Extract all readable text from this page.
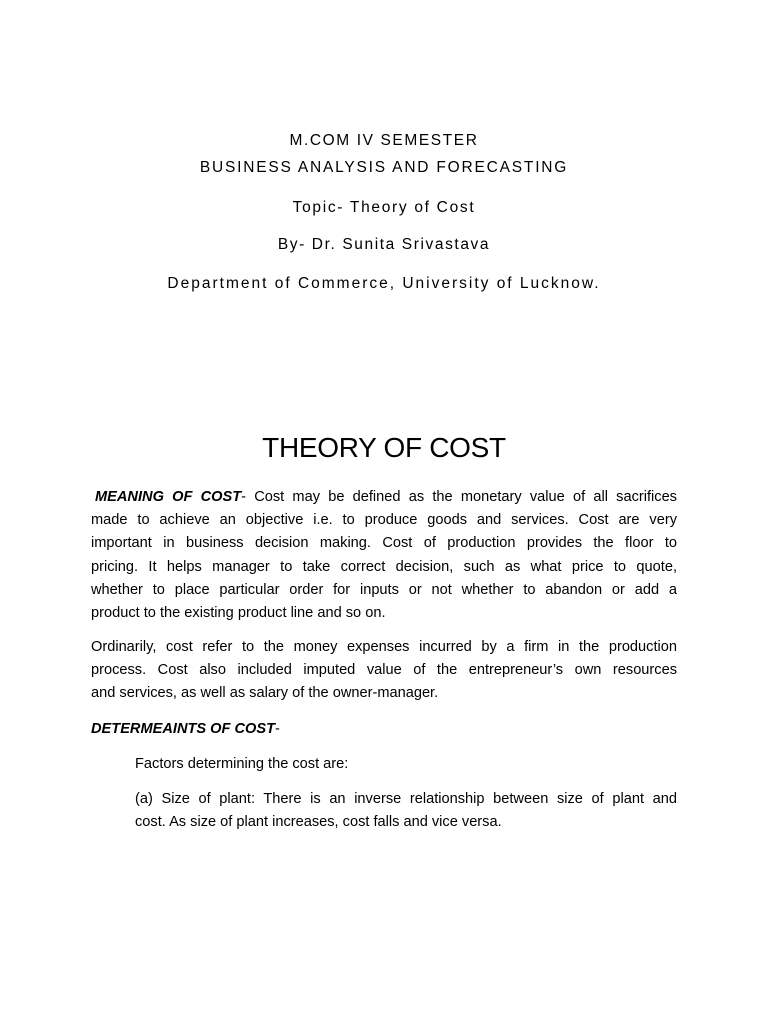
M.COM IV SEMESTER
BUSINESS ANALYSIS AND FORECASTING
Topic- Theory of Cost
By- Dr. Sunita Srivastava
Department of Commerce, University of Lucknow.
THEORY OF COST
MEANING OF COST- Cost may be defined as the monetary value of all sacrifices
made to achieve an objective i.e. to produce goods and services. Cost are very
important in business decision making. Cost of production provides the floor to
pricing. It helps manager to take correct decision, such as what price to quote,
whether to place particular order for inputs or not whether to abandon or add a
product to the existing product line and so on.
Ordinarily, cost refer to the money expenses incurred by a firm in the production
process. Cost also included imputed value of the entrepreneur’s own resources
and services, as well as salary of the owner-manager.
DETERMEAINTS OF COST-
Factors determining the cost are:
(a) Size of plant: There is an inverse relationship between size of plant and
cost. As size of plant increases, cost falls and vice versa.
